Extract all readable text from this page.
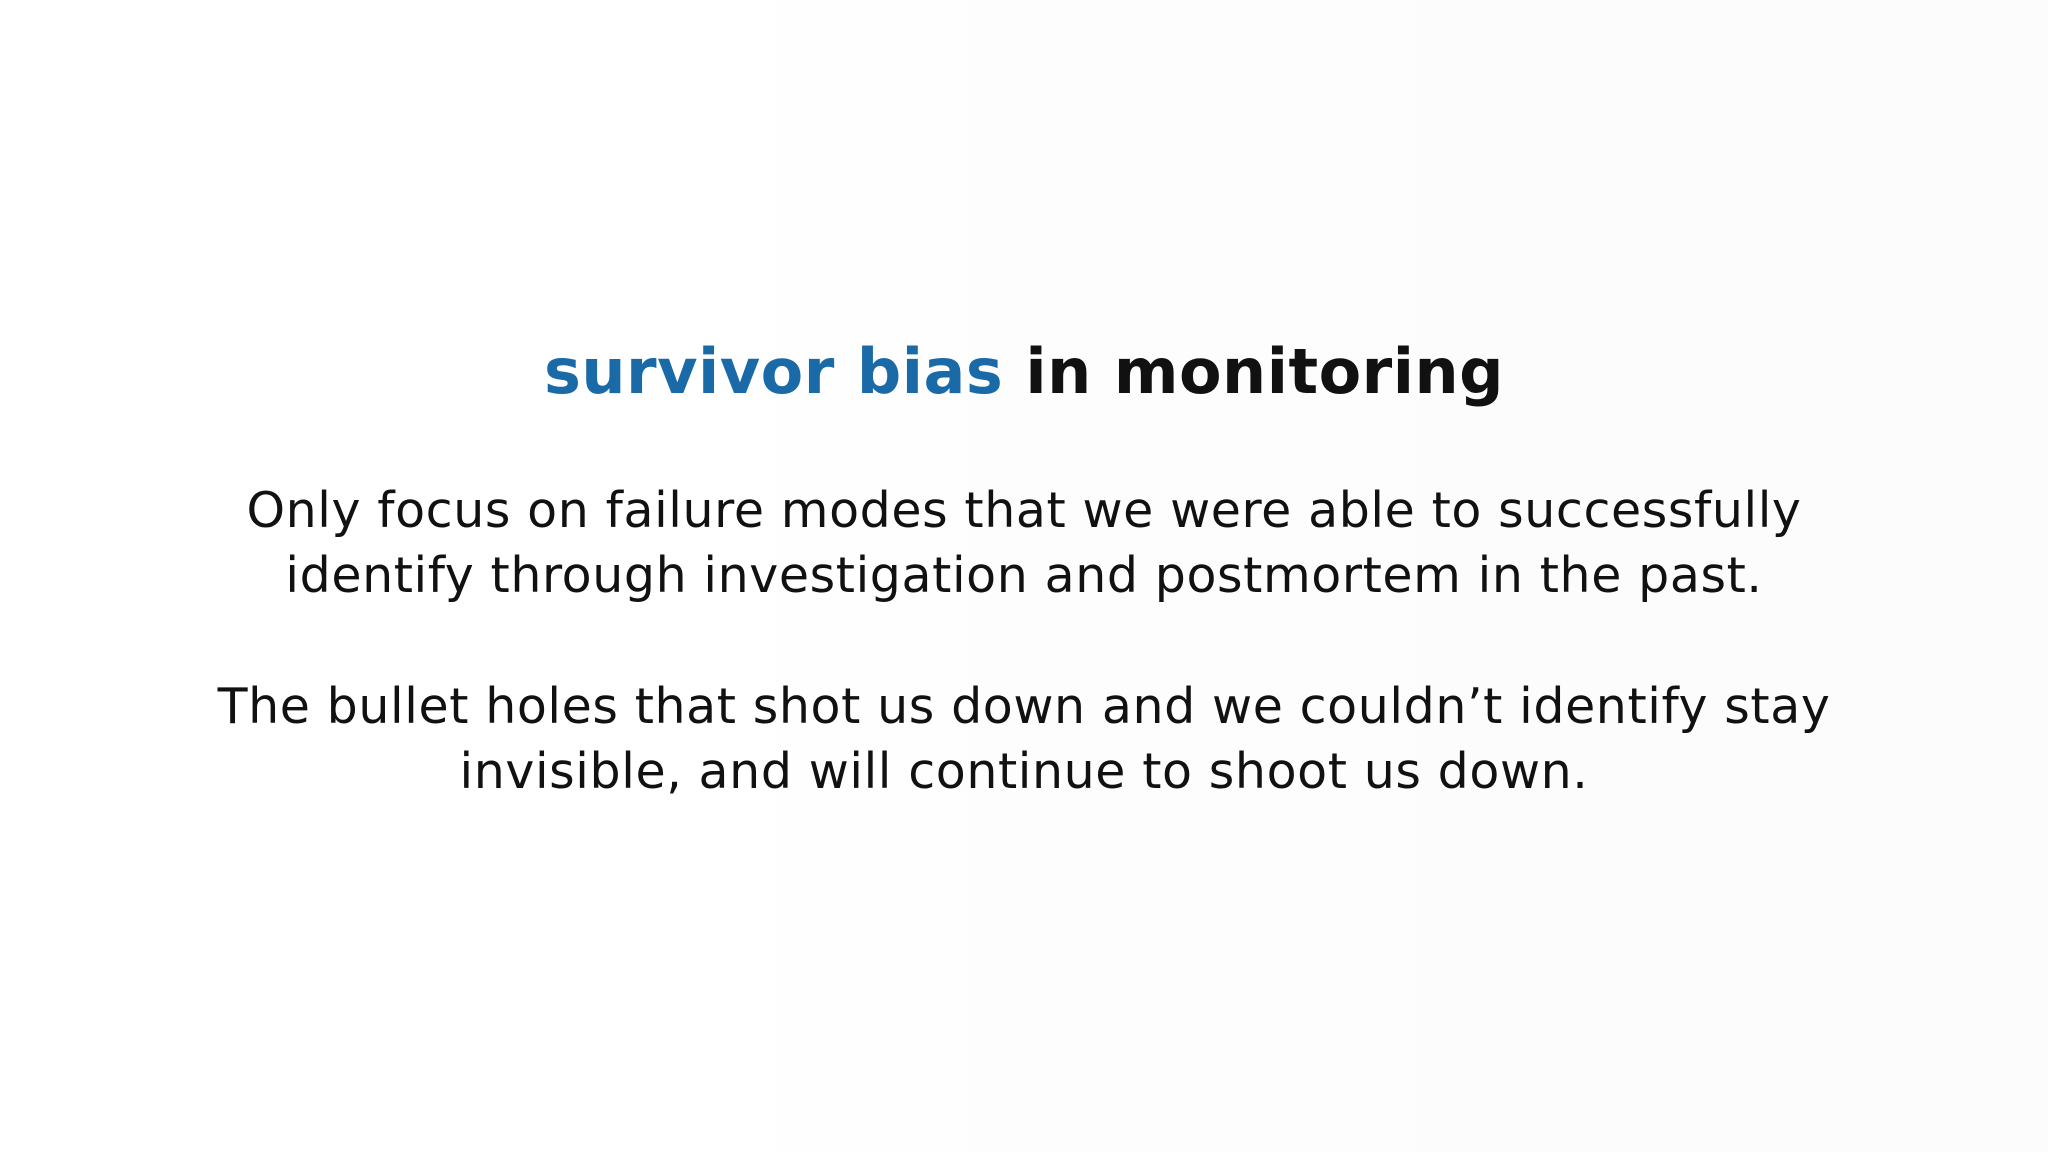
survivor bias in monitoring
Only focus on failure modes that we were able to successfully
identify through investigation and postmortem in the past.
The bullet holes that shot us down and we couldn’t identify stay
invisible, and will continue to shoot us down.
